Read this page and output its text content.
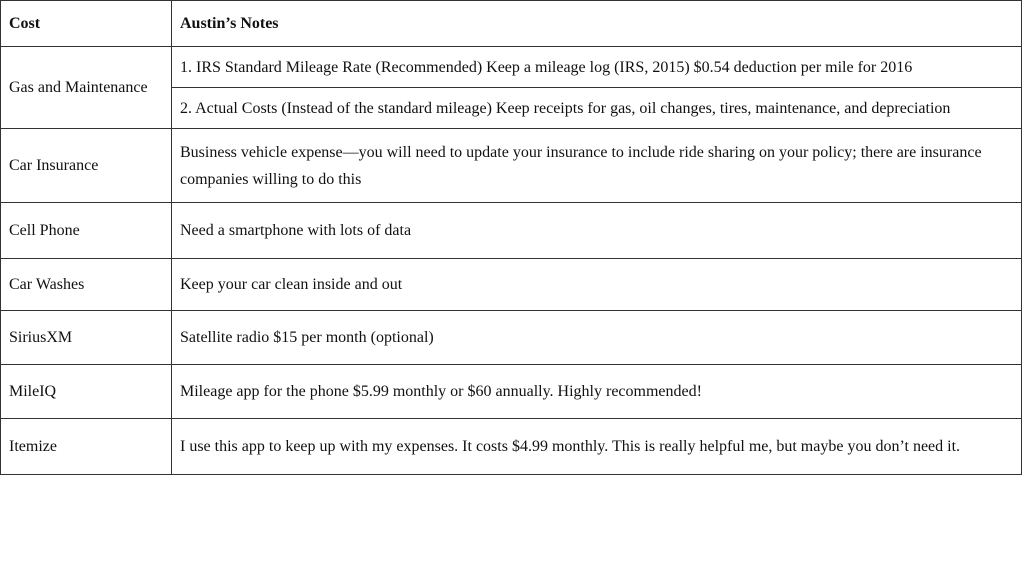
Cost	Austin’s Notes
Gas and Maintenance	1. IRS Standard Mileage Rate (Recommended) Keep a mileage log (IRS, 2015) $0.54 deduction per mile for 2016
	2. Actual Costs (Instead of the standard mileage) Keep receipts for gas, oil changes, tires, maintenance, and depreciation
Car Insurance	Business vehicle expense—you will need to update your insurance to include ride sharing on your policy; there are insurance companies willing to do this
Cell Phone	Need a smartphone with lots of data
Car Washes	Keep your car clean inside and out
SiriusXM	Satellite radio $15 per month (optional)
MileIQ	Mileage app for the phone $5.99 monthly or $60 annually. Highly recommended!
Itemize	I use this app to keep up with my expenses. It costs $4.99 monthly. This is really helpful me, but maybe you don’t need it.
